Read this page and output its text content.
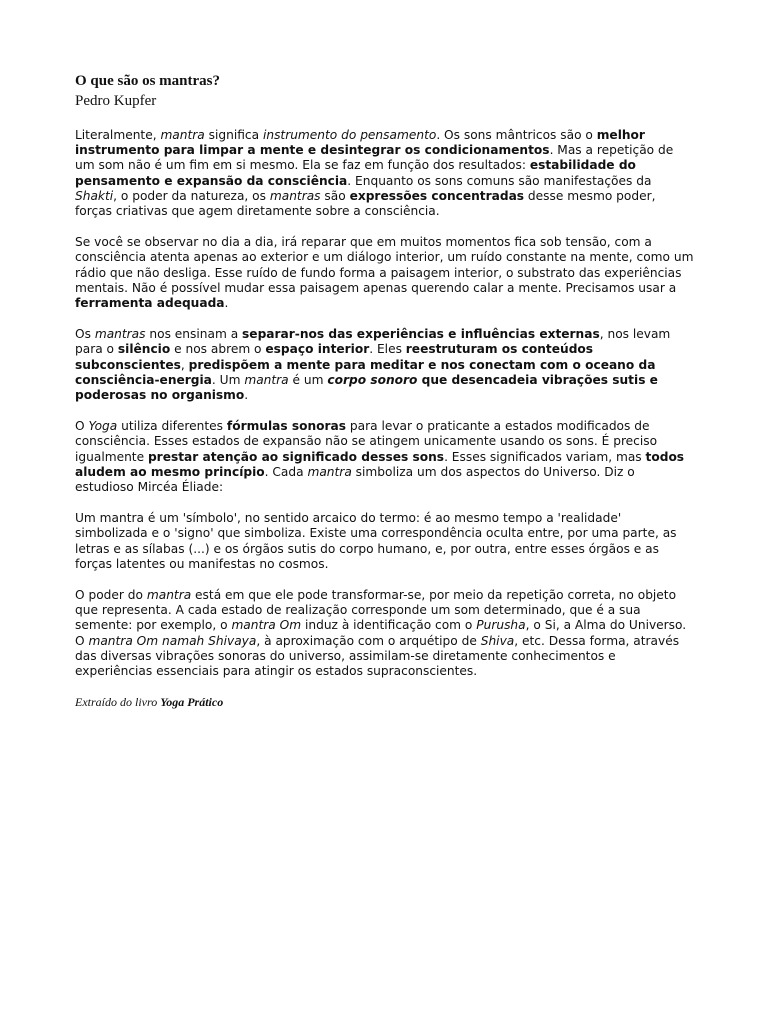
O que são os mantras?
Pedro Kupfer

Literalmente, mantra significa instrumento do pensamento. Os sons mântricos são o melhor instrumento para limpar a mente e desintegrar os condicionamentos. Mas a repetição de um som não é um fim em si mesmo. Ela se faz em função dos resultados: estabilidade do pensamento e expansão da consciência. Enquanto os sons comuns são manifestações da Shakti, o poder da natureza, os mantras são expressões concentradas desse mesmo poder, forças criativas que agem diretamente sobre a consciência.

Se você se observar no dia a dia, irá reparar que em muitos momentos fica sob tensão, com a consciência atenta apenas ao exterior e um diálogo interior, um ruído constante na mente, como um rádio que não desliga. Esse ruído de fundo forma a paisagem interior, o substrato das experiências mentais. Não é possível mudar essa paisagem apenas querendo calar a mente. Precisamos usar a ferramenta adequada.

Os mantras nos ensinam a separar-nos das experiências e influências externas, nos levam para o silêncio e nos abrem o espaço interior. Eles reestruturam os conteúdos subconscientes, predispõem a mente para meditar e nos conectam com o oceano da consciência-energia. Um mantra é um corpo sonoro que desencadeia vibrações sutis e poderosas no organismo.

O Yoga utiliza diferentes fórmulas sonoras para levar o praticante a estados modificados de consciência. Esses estados de expansão não se atingem unicamente usando os sons. É preciso igualmente prestar atenção ao significado desses sons. Esses significados variam, mas todos aludem ao mesmo princípio. Cada mantra simboliza um dos aspectos do Universo. Diz o estudioso Mircéa Éliade:

Um mantra é um 'símbolo', no sentido arcaico do termo: é ao mesmo tempo a 'realidade' simbolizada e o 'signo' que simboliza. Existe uma correspondência oculta entre, por uma parte, as letras e as sílabas (...) e os órgãos sutis do corpo humano, e, por outra, entre esses órgãos e as forças latentes ou manifestas no cosmos.

O poder do mantra está em que ele pode transformar-se, por meio da repetição correta, no objeto que representa. A cada estado de realização corresponde um som determinado, que é a sua semente: por exemplo, o mantra Om induz à identificação com o Purusha, o Si, a Alma do Universo. O mantra Om namah Shivaya, à aproximação com o arquétipo de Shiva, etc. Dessa forma, através das diversas vibrações sonoras do universo, assimilam-se diretamente conhecimentos e experiências essenciais para atingir os estados supraconscientes.

Extraído do livro Yoga Prático
